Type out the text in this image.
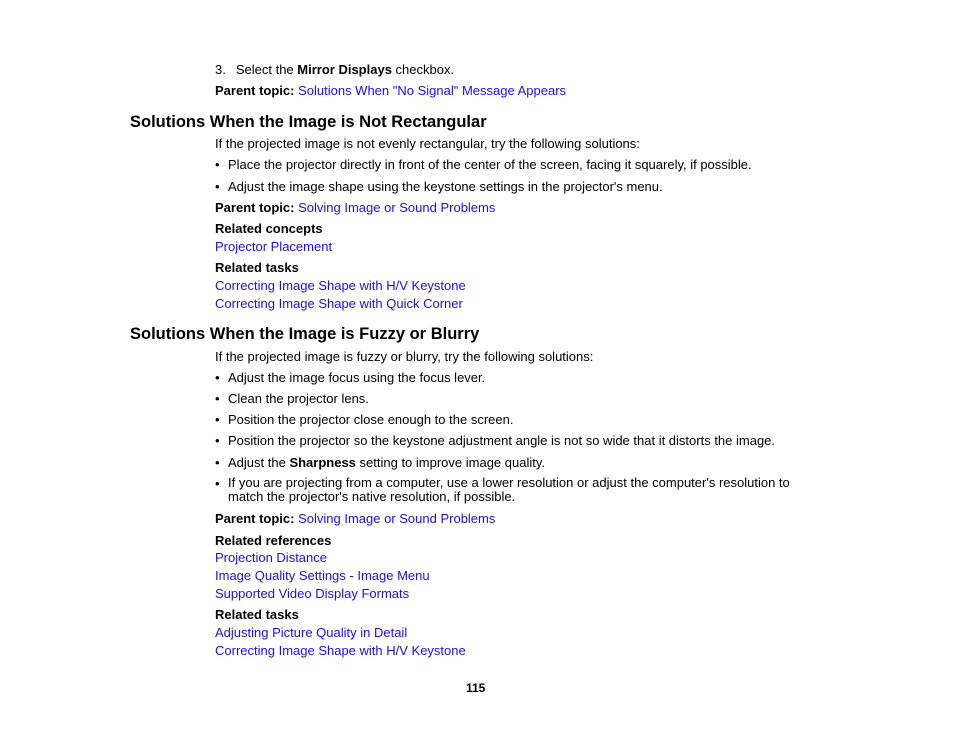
3. Select the Mirror Displays checkbox.
Parent topic: Solutions When "No Signal" Message Appears
Solutions When the Image is Not Rectangular
If the projected image is not evenly rectangular, try the following solutions:
• Place the projector directly in front of the center of the screen, facing it squarely, if possible.
• Adjust the image shape using the keystone settings in the projector's menu.
Parent topic: Solving Image or Sound Problems
Related concepts
Projector Placement
Related tasks
Correcting Image Shape with H/V Keystone
Correcting Image Shape with Quick Corner
Solutions When the Image is Fuzzy or Blurry
If the projected image is fuzzy or blurry, try the following solutions:
• Adjust the image focus using the focus lever.
• Clean the projector lens.
• Position the projector close enough to the screen.
• Position the projector so the keystone adjustment angle is not so wide that it distorts the image.
• Adjust the Sharpness setting to improve image quality.
• If you are projecting from a computer, use a lower resolution or adjust the computer's resolution to match the projector's native resolution, if possible.
Parent topic: Solving Image or Sound Problems
Related references
Projection Distance
Image Quality Settings - Image Menu
Supported Video Display Formats
Related tasks
Adjusting Picture Quality in Detail
Correcting Image Shape with H/V Keystone
115
